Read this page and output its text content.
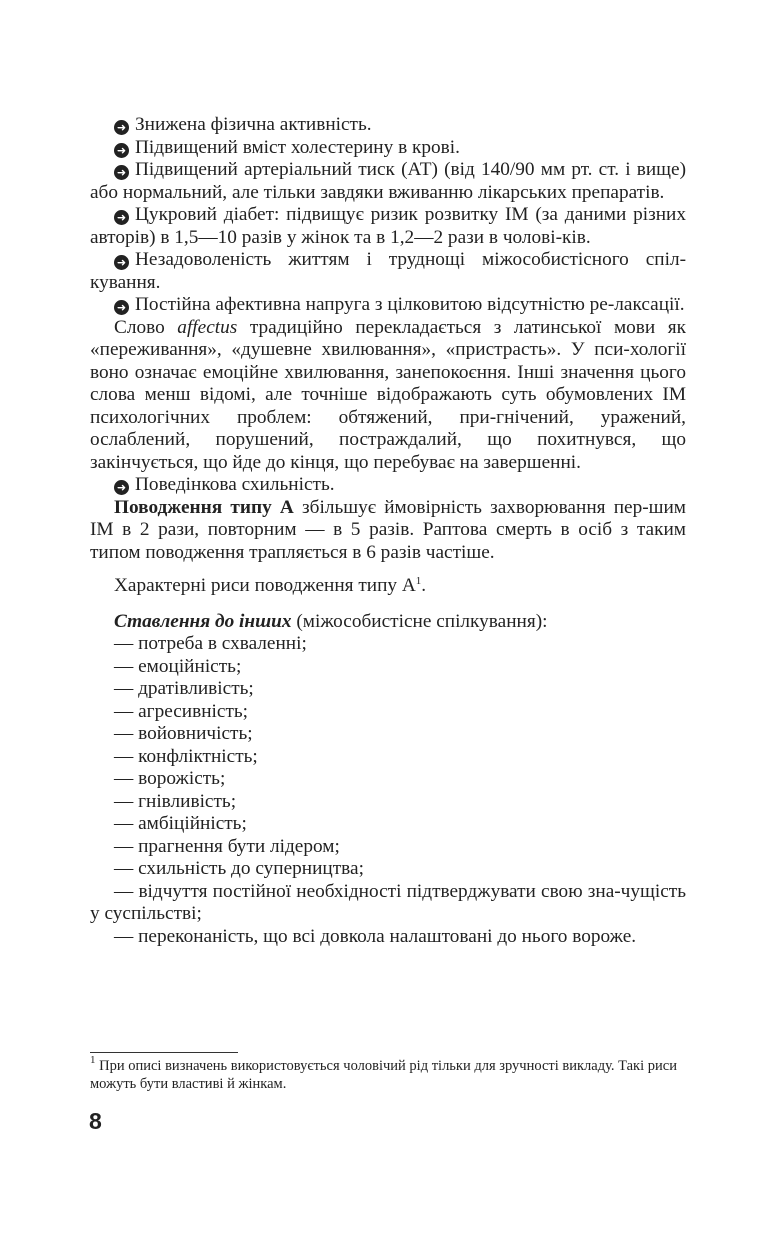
➜ Знижена фізична активність.

➜ Підвищений вміст холестерину в крові.

➜ Підвищений артеріальний тиск (АТ) (від 140/90 мм рт. ст. і вище) або нормальний, але тільки завдяки вживанню лікарських препаратів.

➜ Цукровий діабет: підвищує ризик розвитку ІМ (за даними різних авторів) в 1,5—10 разів у жінок та в 1,2—2 рази в чолові-ків.

➜ Незадоволеність життям і труднощі міжособистісного спіл-кування.

➜ Постійна афективна напруга з цілковитою відсутністю ре-лаксації.

Слово affectus традиційно перекладається з латинської мови як «переживання», «душевне хвилювання», «пристрасть». У пси-хології воно означає емоційне хвилювання, занепокоєння. Інші значення цього слова менш відомі, але точніше відображають суть обумовлених ІМ психологічних проблем: обтяжений, при-гнічений, уражений, ослаблений, порушений, постраждалий, що похитнувся, що закінчується, що йде до кінця, що перебуває на завершенні.

➜ Поведінкова схильність.

Поводження типу А збільшує ймовірність захворювання пер-шим ІМ в 2 рази, повторним — в 5 разів. Раптова смерть в осіб з таким типом поводження трапляється в 6 разів частіше.

Характерні риси поводження типу $А^1$.

Ставлення до інших (міжособистісне спілкування):

— потреба в схваленні;
— емоційність;
— дратівливість;
— агресивність;
— войовничість;
— конфліктність;
— ворожість;
— гнівливість;
— амбіційність;
— прагнення бути лідером;
— схильність до суперництва;
— відчуття постійної необхідності підтверджувати свою зна-чущість у суспільстві;
— переконаність, що всі довкола налаштовані до нього вороже.
$^1$ При описі визначень використовується чоловічий рід тільки для зручності викладу. Такі риси можуть бути властиві й жінкам.
8
